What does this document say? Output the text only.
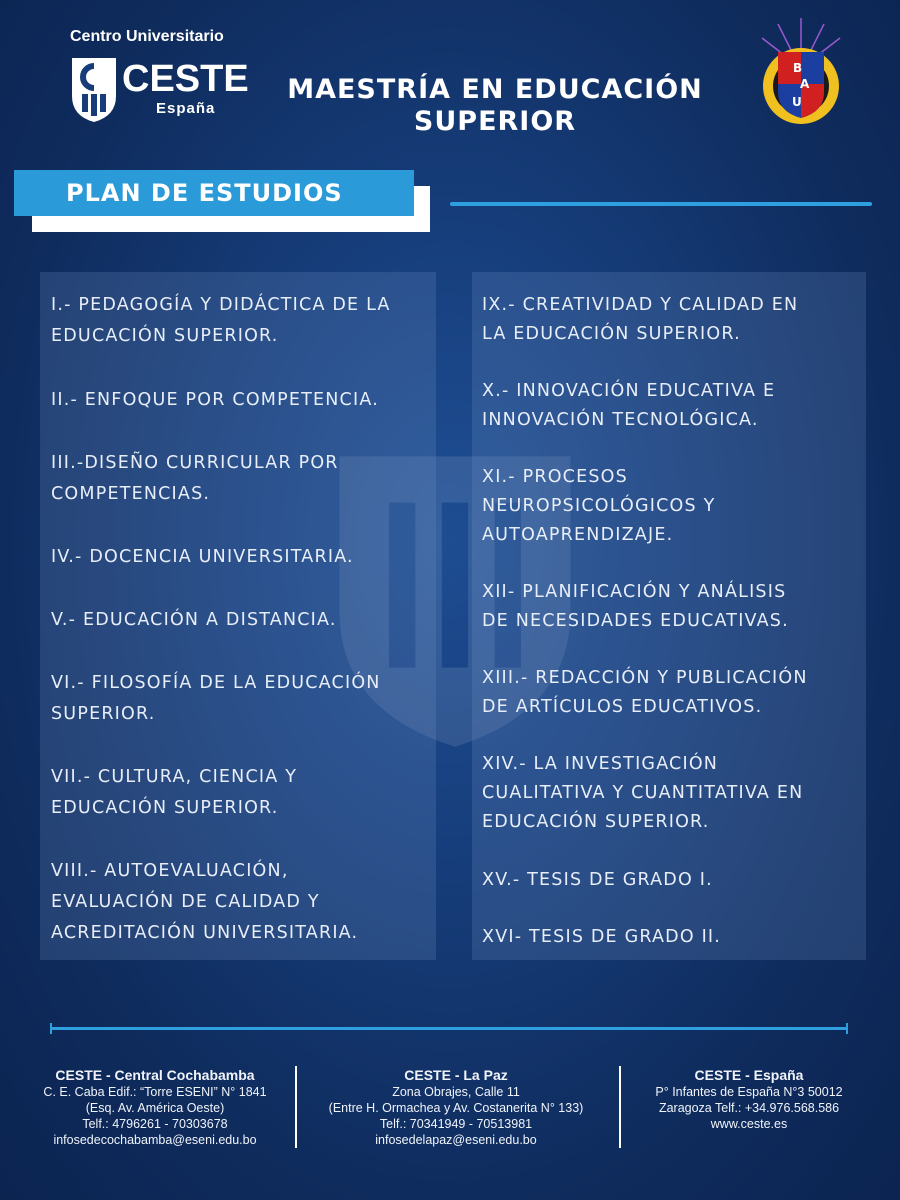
Centro Universitario
CESTE
España
MAESTRÍA EN EDUCACIÓN
SUPERIOR
B
A
U
PLAN DE ESTUDIOS
I.- PEDAGOGÍA Y DIDÁCTICA DE LA
EDUCACIÓN SUPERIOR.
II.- ENFOQUE POR COMPETENCIA.
III.-DISEÑO CURRICULAR POR
COMPETENCIAS.
IV.- DOCENCIA UNIVERSITARIA.
V.- EDUCACIÓN A DISTANCIA.
VI.- FILOSOFÍA DE LA EDUCACIÓN
SUPERIOR.
VII.- CULTURA, CIENCIA Y
EDUCACIÓN SUPERIOR.
VIII.- AUTOEVALUACIÓN,
EVALUACIÓN DE CALIDAD Y
ACREDITACIÓN UNIVERSITARIA.
IX.- CREATIVIDAD Y CALIDAD EN
LA EDUCACIÓN SUPERIOR.
X.- INNOVACIÓN EDUCATIVA E
INNOVACIÓN TECNOLÓGICA.
XI.- PROCESOS
NEUROPSICOLÓGICOS Y
AUTOAPRENDIZAJE.
XII- PLANIFICACIÓN Y ANÁLISIS
DE NECESIDADES EDUCATIVAS.
XIII.- REDACCIÓN Y PUBLICACIÓN
DE ARTÍCULOS EDUCATIVOS.
XIV.- LA INVESTIGACIÓN
CUALITATIVA Y CUANTITATIVA EN
EDUCACIÓN SUPERIOR.
XV.- TESIS DE GRADO I.
XVI- TESIS DE GRADO II.
CESTE - Central Cochabamba
C. E. Caba Edif.: “Torre ESENI” N° 1841
(Esq. Av. América Oeste)
Telf.: 4796261 - 70303678
infosedecochabamba@eseni.edu.bo
CESTE - La Paz
Zona Obrajes, Calle 11
(Entre H. Ormachea y Av. Costanerita N° 133)
Telf.: 70341949 - 70513981
infosedelapaz@eseni.edu.bo
CESTE - España
P° Infantes de España N°3 50012
Zaragoza Telf.: +34.976.568.586
www.ceste.es
